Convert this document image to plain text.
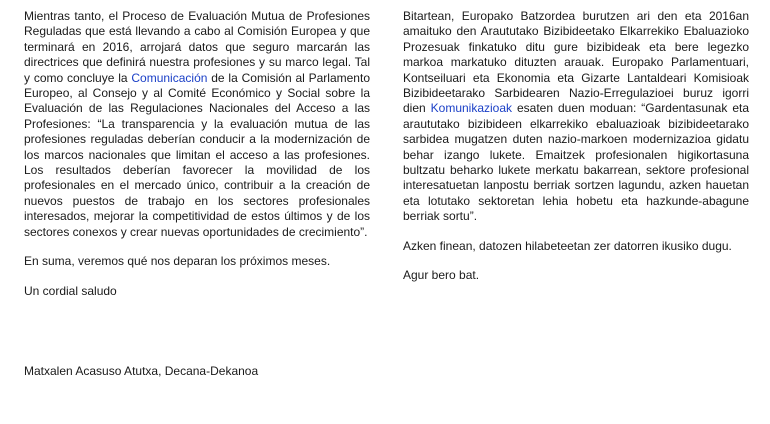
Mientras tanto, el Proceso de Evaluación Mutua de Profesiones Reguladas que está llevando a cabo al Comisión Europea y que terminará en 2016, arrojará datos que seguro marcarán las directrices que definirá nuestra profesiones y su marco legal. Tal y como concluye la Comunicación de la Comisión al Parlamento Europeo, al Consejo y al Comité Económico y Social sobre la Evaluación de las Regulaciones Nacionales del Acceso a las Profesiones: “La transparencia y la evaluación mutua de las profesiones reguladas deberían conducir a la modernización de los marcos nacionales que limitan el acceso a las profesiones. Los resultados deberían favorecer la movilidad de los profesionales en el mercado único, contribuir a la creación de nuevos puestos de trabajo en los sectores profesionales interesados, mejorar la competitividad de estos últimos y de los sectores conexos y crear nuevas oportunidades de crecimiento”.

En suma, veremos qué nos deparan los próximos meses.

Un cordial saludo

Bitartean, Europako Batzordea burutzen ari den eta 2016an amaituko den Araututako Bizibideetako Elkarrekiko Ebaluazioko Prozesuak finkatuko ditu gure bizibideak eta bere legezko markoa markatuko dituzten arauak. Europako Parlamentuari, Kontseiluari eta Ekonomia eta Gizarte Lantaldeari Komisioak Bizibideetarako Sarbidearen Nazio-Erregulazioei buruz igorri dien Komunikazioak esaten duen moduan: “Gardentasunak eta araututako bizibideen elkarrekiko ebaluazioak bizibideetarako sarbidea mugatzen duten nazio-markoen modernizazioa gidatu behar izango lukete. Emaitzek profesionalen higikortasuna bultzatu beharko lukete merkatu bakarrean, sektore profesional interesatuetan lanpostu berriak sortzen lagundu, azken hauetan eta lotutako sektoretan lehia hobetu eta hazkunde-abagune berriak sortu”.

Azken finean, datozen hilabeteetan zer datorren ikusiko dugu.

Agur bero bat.

Matxalen Acasuso Atutxa, Decana-Dekanoa
